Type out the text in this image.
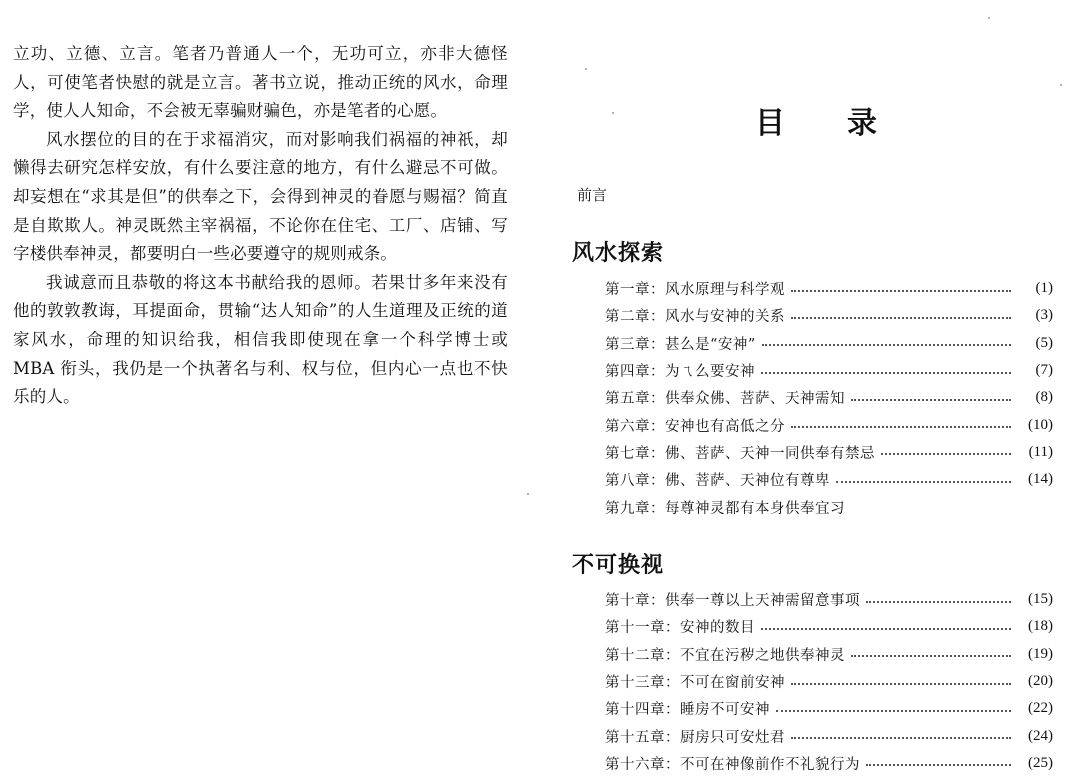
立功、立德、立言。笔者乃普通人一个，无功可立，亦非大德怪人，可使笔者快慰的就是立言。著书立说，推动正统的风水，命理学，使人人知命，不会被无辜骗财骗色，亦是笔者的心愿。

风水摆位的目的在于求福消灾，而对影响我们祸福的神祇，却懒得去研究怎样安放，有什么要注意的地方，有什么避忌不可做。却妄想在“求其是但”的供奉之下，会得到神灵的眷愿与赐福？简直是自欺欺人。神灵既然主宰祸福，不论你在住宅、工厂、店铺、写字楼供奉神灵，都要明白一些必要遵守的规则戒条。

我诚意而且恭敬的将这本书献给我的恩师。若果廿多年来没有他的敦敦教诲，耳提面命，贯输“达人知命”的人生道理及正统的道家风水，命理的知识给我，相信我即使现在拿一个科学博士或 MBA 衔头，我仍是一个执著名与利、权与位，但内心一点也不快乐的人。

目录
前言
风水探索
第一章：风水原理与科学观	(1)
第二章：风水与安神的关系	(3)
第三章：甚么是“安神”	(5)
第四章：为ㄟ么要安神	(7)
第五章：供奉众佛、菩萨、天神需知	(8)
第六章：安神也有高低之分	(10)
第七章：佛、菩萨、天神一同供奉有禁忌	(11)
第八章：佛、菩萨、天神位有尊卑	(14)
第九章：每尊神灵都有本身供奉宜习
不可换视
第十章：供奉一尊以上天神需留意事项	(15)
第十一章：安神的数目	(18)
第十二章：不宜在污秽之地供奉神灵	(19)
第十三章：不可在窗前安神	(20)
第十四章：睡房不可安神	(22)
第十五章：厨房只可安灶君	(24)
第十六章：不可在神像前作不礼貌行为	(25)
